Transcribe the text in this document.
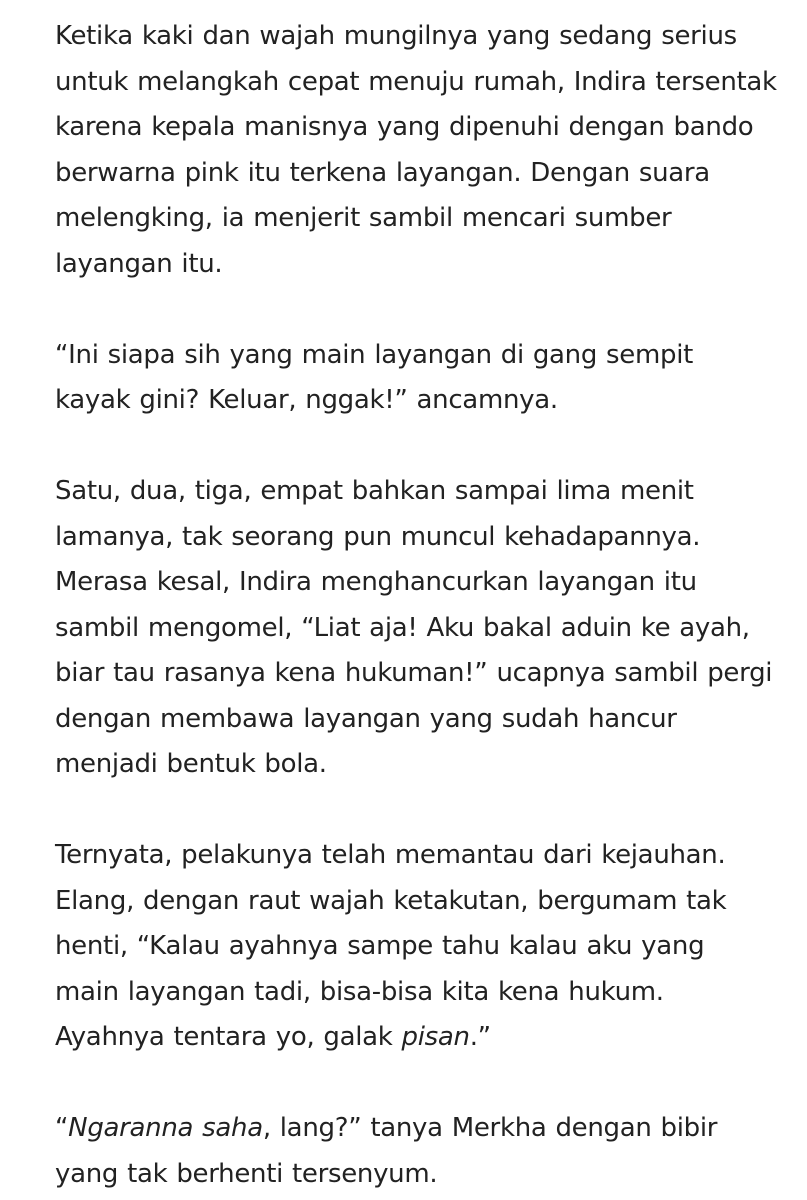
Ketika kaki dan wajah mungilnya yang sedang serius
untuk melangkah cepat menuju rumah, Indira tersentak
karena kepala manisnya yang dipenuhi dengan bando
berwarna pink itu terkena layangan. Dengan suara
melengking, ia menjerit sambil mencari sumber
layangan itu.

“Ini siapa sih yang main layangan di gang sempit
kayak gini? Keluar, nggak!” ancamnya.

Satu, dua, tiga, empat bahkan sampai lima menit
lamanya, tak seorang pun muncul kehadapannya.
Merasa kesal, Indira menghancurkan layangan itu
sambil mengomel, “Liat aja! Aku bakal aduin ke ayah,
biar tau rasanya kena hukuman!” ucapnya sambil pergi
dengan membawa layangan yang sudah hancur
menjadi bentuk bola.

Ternyata, pelakunya telah memantau dari kejauhan.
Elang, dengan raut wajah ketakutan, bergumam tak
henti, “Kalau ayahnya sampe tahu kalau aku yang
main layangan tadi, bisa-bisa kita kena hukum.
Ayahnya tentara yo, galak pisan.”

“Ngaranna saha, lang?” tanya Merkha dengan bibir
yang tak berhenti tersenyum.
